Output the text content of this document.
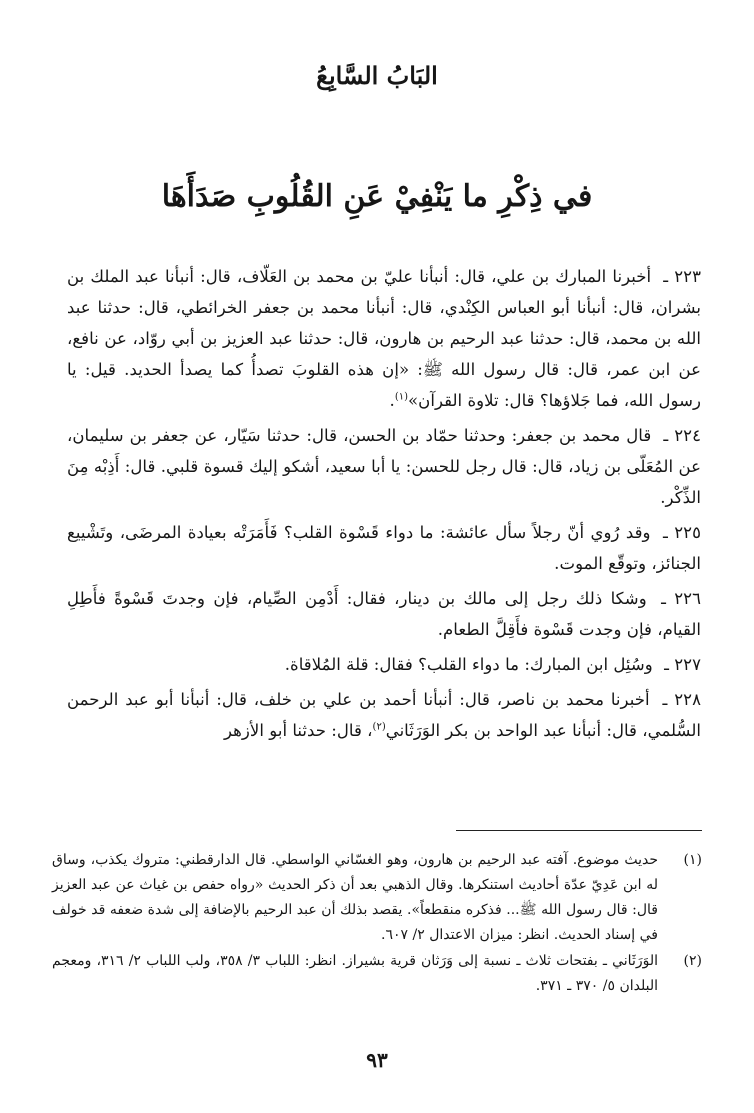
البَابُ السَّابِعُ
في ذِكْرِ ما يَنْفِيْ عَنِ القُلُوبِ صَدَأَهَا

٢٢٣ ـ أخبرنا المبارك بن علي، قال: أنبأنا عليّ بن محمد بن العَلّاف، قال: أنبأنا عبد الملك بن بشران، قال: أنبأنا أبو العباس الكِنْدي، قال: أنبأنا محمد بن جعفر الخرائطي، قال: حدثنا عبد الله بن محمد، قال: حدثنا عبد الرحيم بن هارون، قال: حدثنا عبد العزيز بن أبي روّاد، عن نافع، عن ابن عمر، قال: قال رسول الله ﷺ: «إن هذه القلوبَ تصدأُ كما يصدأ الحديد. قيل: يا رسول الله، فما جَلاؤها؟ قال: تلاوة القرآن»$^{(١)}$.

٢٢٤ ـ قال محمد بن جعفر: وحدثنا حمّاد بن الحسن، قال: حدثنا سَيّار، عن جعفر بن سليمان، عن المُعَلّى بن زياد، قال: قال رجل للحسن: يا أبا سعيد، أشكو إليك قسوة قلبي. قال: أَذِبْه مِنَ الذِّكْر.

٢٢٥ ـ وقد رُوي أنّ رجلاً سأل عائشة: ما دواء قَسْوة القلب؟ فَأَمَرَتْه بعيادة المرضَى، وتَشْييع الجنائز، وتوقّع الموت.

٢٢٦ ـ وشكا ذلك رجل إلى مالك بن دينار، فقال: أَدْمِن الصِّيام، فإن وجدتَ قَسْوةً فأَطِلِ القيام، فإن وجدت قَسْوة فأَقِلَّ الطعام.

٢٢٧ ـ وسُئِل ابن المبارك: ما دواء القلب؟ فقال: قلة المُلاقاة.

٢٢٨ ـ أخبرنا محمد بن ناصر، قال: أنبأنا أحمد بن علي بن خلف، قال: أنبأنا أبو عبد الرحمن السُّلمي، قال: أنبأنا عبد الواحد بن بكر الوَرَثَاني$^{(٢)}$، قال: حدثنا أبو الأزهر

(١)
حديث موضوع. آفته عبد الرحيم بن هارون، وهو الغسّاني الواسطي. قال الدارقطني: متروك يكذب، وساق له ابن عَدِيّ عدّة أحاديث استنكرها. وقال الذهبي بعد أن ذكر الحديث «رواه حفص بن غياث عن عبد العزيز قال: قال رسول الله ﷺ... فذكره منقطعاً». يقصد بذلك أن عبد الرحيم بالإضافة إلى شدة ضعفه قد خولف في إسناد الحديث. انظر: ميزان الاعتدال ٢/ ٦٠٧.
(٢)
الوَرَثَاني ـ بفتحات ثلاث ـ نسبة إلى وَرَثان قرية بشيراز. انظر: اللباب ٣/ ٣٥٨، ولب اللباب ٢/ ٣١٦، ومعجم البلدان ٥/ ٣٧٠ ـ ٣٧١.
٩٣
